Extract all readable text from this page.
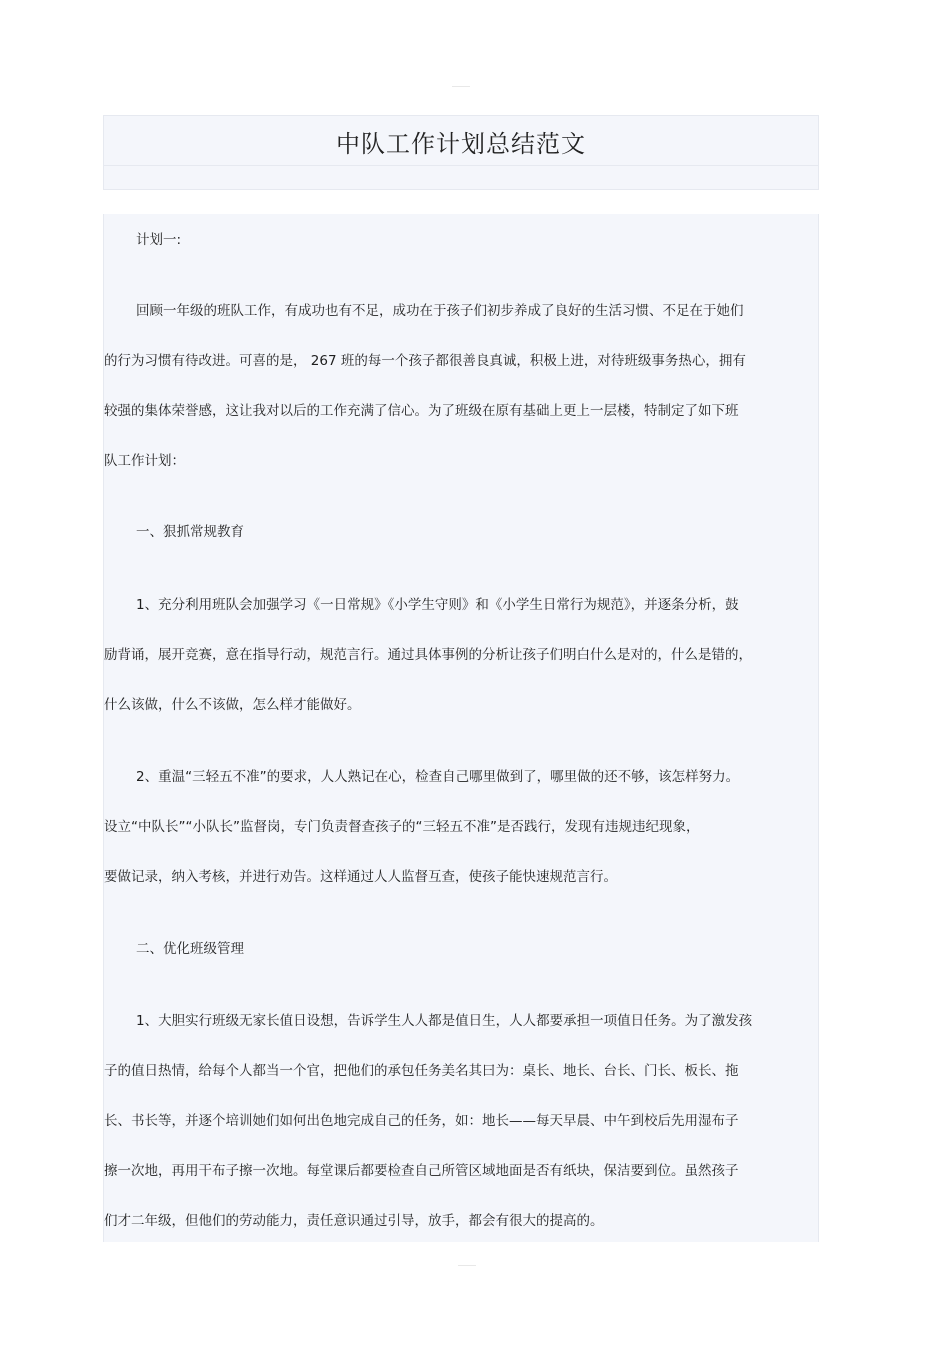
中队工作计划总结范文
计划一:
回顾一年级的班队工作，有成功也有不足，成功在于孩子们初步养成了良好的生活习惯、不足在于她们
的行为习惯有待改进。可喜的是， 267 班的每一个孩子都很善良真诚，积极上进，对待班级事务热心，拥有
较强的集体荣誉感，这让我对以后的工作充满了信心。为了班级在原有基础上更上一层楼，特制定了如下班
队工作计划：
一、狠抓常规教育
1、充分利用班队会加强学习《一日常规》《小学生守则》和《小学生日常行为规范》，并逐条分析，鼓
励背诵，展开竞赛，意在指导行动，规范言行。通过具体事例的分析让孩子们明白什么是对的，什么是错的，
什么该做，什么不该做，怎么样才能做好。
2、重温“三轻五不准”的要求，人人熟记在心，检查自己哪里做到了，哪里做的还不够，该怎样努力。
设立“中队长”“小队长”监督岗，专门负责督查孩子的“三轻五不准”是否践行，发现有违规违纪现象，
要做记录，纳入考核，并进行劝告。这样通过人人监督互查，使孩子能快速规范言行。
二、优化班级管理
1、大胆实行班级无家长值日设想，告诉学生人人都是值日生，人人都要承担一项值日任务。为了激发孩
子的值日热情，给每个人都当一个官，把他们的承包任务美名其曰为：桌长、地长、台长、门长、板长、拖
长、书长等，并逐个培训她们如何出色地完成自己的任务，如：地长——每天早晨、中午到校后先用湿布子
擦一次地，再用干布子擦一次地。每堂课后都要检查自己所管区域地面是否有纸块，保洁要到位。虽然孩子
们才二年级，但他们的劳动能力，责任意识通过引导，放手，都会有很大的提高的。
